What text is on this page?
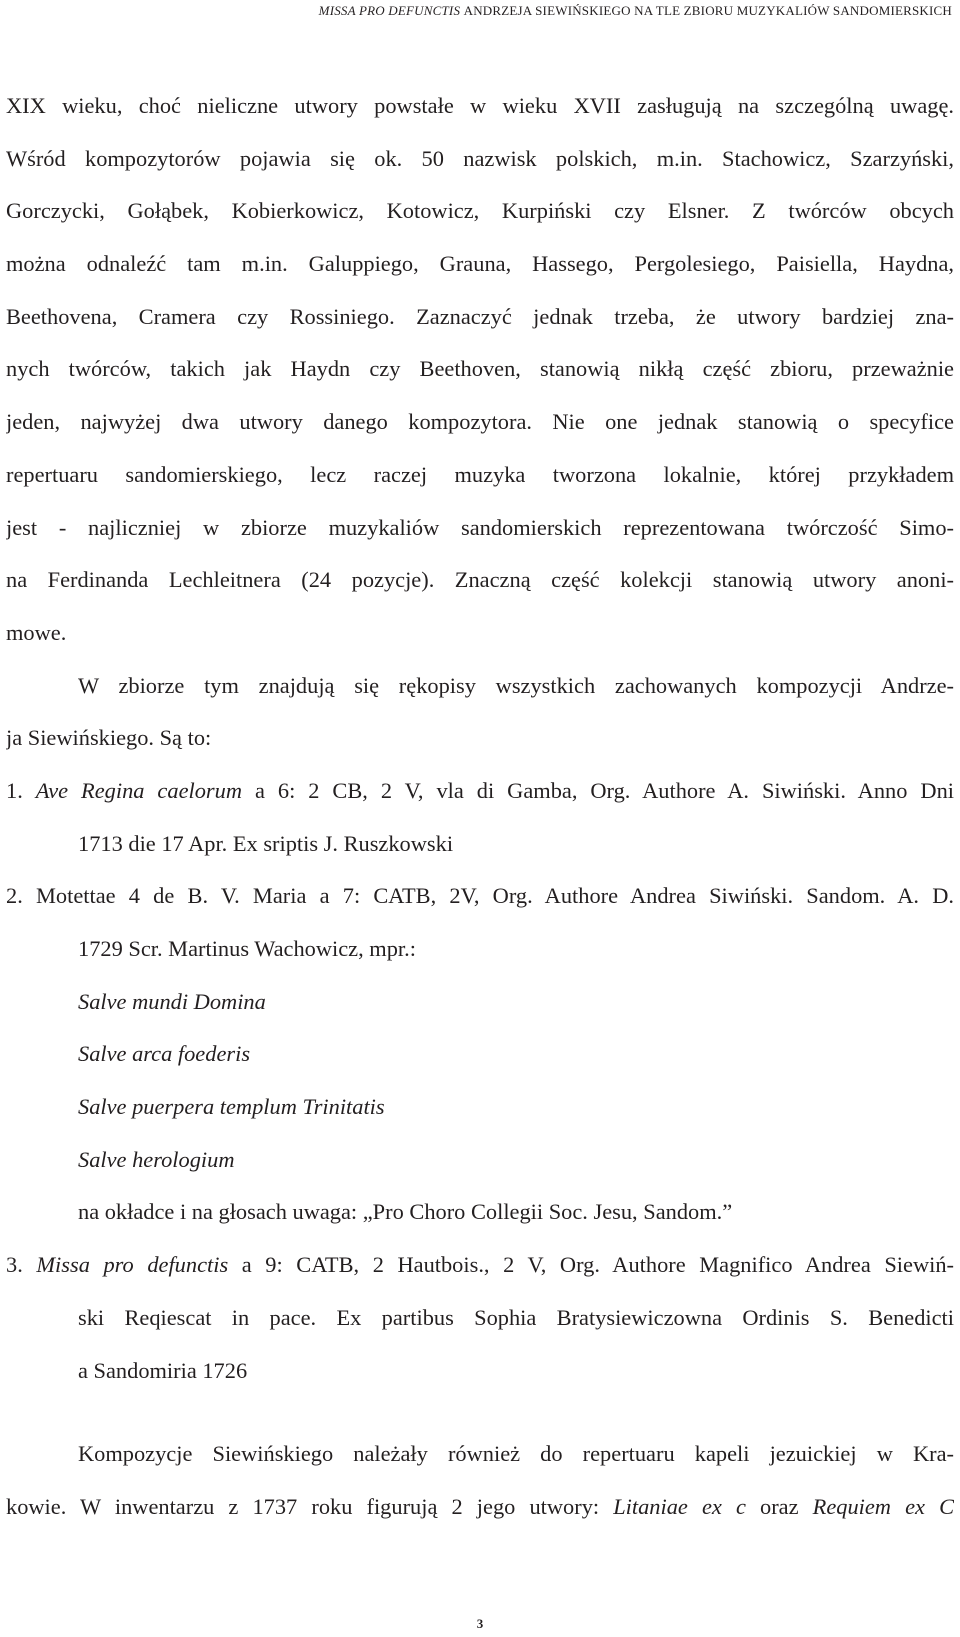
MISSA PRO DEFUNCTIS ANDRZEJA SIEWIŃSKIEGO NA TLE ZBIORU MUZYKALIÓW SANDOMIERSKICH
XIX wieku, choć nieliczne utwory powstałe w wieku XVII zasługują na szczególną uwagę.
Wśród kompozytorów pojawia się ok. 50 nazwisk polskich, m.in. Stachowicz, Szarzyński,
Gorczycki, Gołąbek, Kobierkowicz, Kotowicz, Kurpiński czy Elsner. Z twórców obcych
można odnaleźć tam m.in. Galuppiego, Grauna, Hassego, Pergolesiego, Paisiella, Haydna,
Beethovena, Cramera czy Rossiniego. Zaznaczyć jednak trzeba, że utwory bardziej zna-
nych twórców, takich jak Haydn czy Beethoven, stanowią nikłą część zbioru, przeważnie
jeden, najwyżej dwa utwory danego kompozytora. Nie one jednak stanowią o specyfice
repertuaru sandomierskiego, lecz raczej muzyka tworzona lokalnie, której przykładem
jest - najliczniej w zbiorze muzykaliów sandomierskich reprezentowana twórczość Simo-
na Ferdinanda Lechleitnera (24 pozycje). Znaczną część kolekcji stanowią utwory anoni-
mowe.
W zbiorze tym znajdują się rękopisy wszystkich zachowanych kompozycji Andrze-
ja Siewińskiego. Są to:
1. Ave Regina caelorum a 6: 2 CB, 2 V, vla di Gamba, Org. Authore A. Siwiński. Anno Dni
1713 die 17 Apr. Ex sriptis J. Ruszkowski
2. Motettae 4 de B. V. Maria a 7: CATB, 2V, Org. Authore Andrea Siwiński. Sandom. A. D.
1729 Scr. Martinus Wachowicz, mpr.:
Salve mundi Domina
Salve arca foederis
Salve puerpera templum Trinitatis
Salve herologium
na okładce i na głosach uwaga: „Pro Choro Collegii Soc. Jesu, Sandom.”
3. Missa pro defunctis a 9: CATB, 2 Hautbois., 2 V, Org. Authore Magnifico Andrea Siewiń-
ski Reqiescat in pace. Ex partibus Sophia Bratysiewiczowna Ordinis S. Benedicti
a Sandomiria 1726
Kompozycje Siewińskiego należały również do repertuaru kapeli jezuickiej w Kra-
kowie. W inwentarzu z 1737 roku figurują 2 jego utwory: Litaniae ex c oraz Requiem ex C
3
